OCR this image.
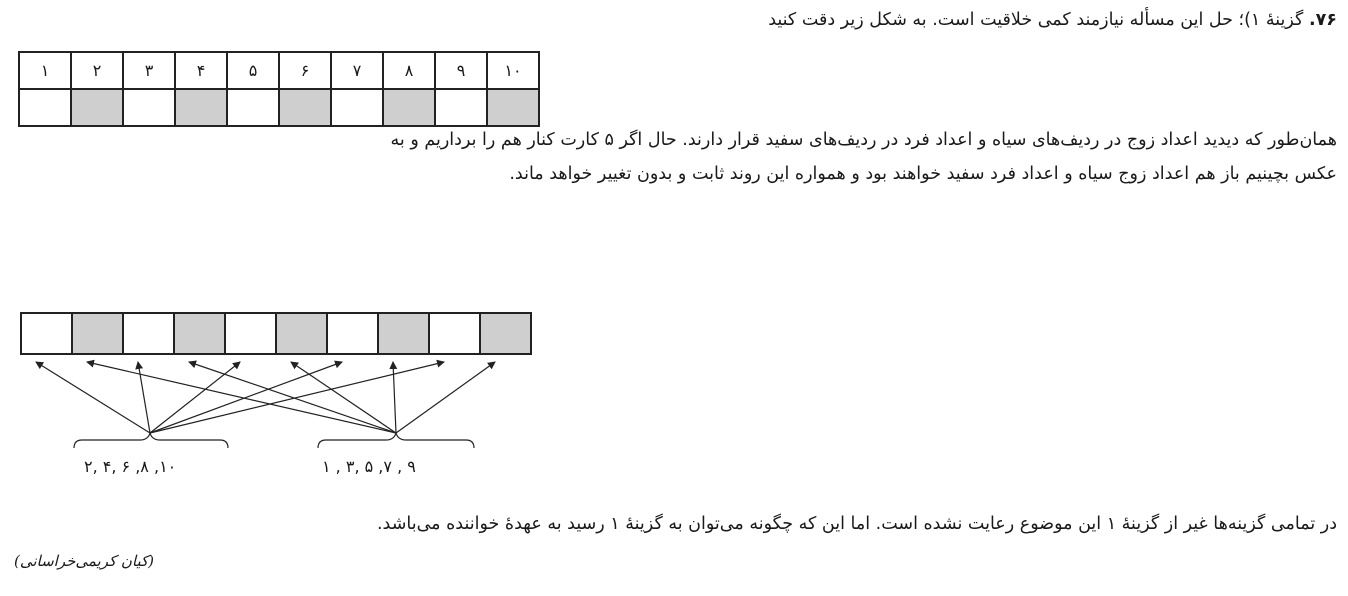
۷۶. گزینهٔ ۱)؛ حل این مسأله نیازمند کمی خلاقیت است. به شکل زیر دقت کنید
۱	۲	۳	۴	۵	۶	۷	۸	۹	۱۰

همان‌طور که دیدید اعداد زوج در ردیف‌های سیاه و اعداد فرد در ردیف‌های سفید قرار دارند. حال اگر ۵ کارت کنار هم را برداریم و به
عکس بچینیم باز هم اعداد زوج سیاه و اعداد فرد سفید خواهند بود و همواره این روند ثابت و بدون تغییر خواهد ماند.
۲, ۴, ۶ ,۸ ,۱۰	۱ , ۳, ۵ ,۷ , ۹
در تمامی گزینه‌ها غیر از گزینهٔ ۱ این موضوع رعایت نشده است. اما این که چگونه می‌توان به گزینهٔ ۱ رسید به عهدهٔ خواننده می‌باشد.
(کیان کریمی‌خراسانی)
